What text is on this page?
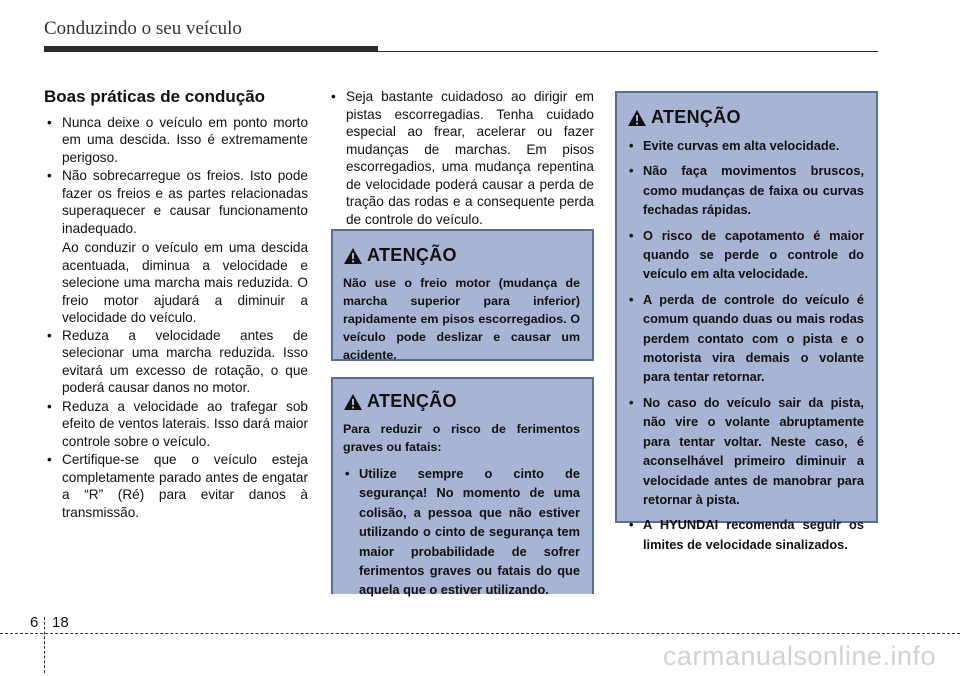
Conduzindo o seu veículo
Boas práticas de condução
• Nunca deixe o veículo em ponto morto em uma descida. Isso é extremamente perigoso.
• Não sobrecarregue os freios. Isto pode fazer os freios e as partes relacionadas superaquecer e causar funcionamento inadequado.
Ao conduzir o veículo em uma descida acentuada, diminua a velocidade e selecione uma marcha mais reduzida. O freio motor ajudará a diminuir a velocidade do veículo.
• Reduza a velocidade antes de selecionar uma marcha reduzida. Isso evitará um excesso de rotação, o que poderá causar danos no motor.
• Reduza a velocidade ao trafegar sob efeito de ventos laterais. Isso dará maior controle sobre o veículo.
• Certifique-se que o veículo esteja completamente parado antes de engatar a “R” (Ré) para evitar danos à transmissão.
• Seja bastante cuidadoso ao dirigir em pistas escorregadias. Tenha cuidado especial ao frear, acelerar ou fazer mudanças de marchas. Em pisos escorregadios, uma mudança repentina de velocidade poderá causar a perda de tração das rodas e a consequente perda de controle do veículo.
ATENÇÃO
Não use o freio motor (mudança de marcha superior para inferior) rapidamente em pisos escorregadios. O veículo pode deslizar e causar um acidente.
ATENÇÃO
Para reduzir o risco de ferimentos graves ou fatais:
• Utilize sempre o cinto de segurança! No momento de uma colisão, a pessoa que não estiver utilizando o cinto de segurança tem maior probabilidade de sofrer ferimentos graves ou fatais do que aquela que o estiver utilizando.
ATENÇÃO
• Evite curvas em alta velocidade.
• Não faça movimentos bruscos, como mudanças de faixa ou curvas fechadas rápidas.
• O risco de capotamento é maior quando se perde o controle do veículo em alta velocidade.
• A perda de controle do veículo é comum quando duas ou mais rodas perdem contato com o pista e o motorista vira demais o volante para tentar retornar.
• No caso do veículo sair da pista, não vire o volante abruptamente para tentar voltar. Neste caso, é aconselhável primeiro diminuir a velocidade antes de manobrar para retornar à pista.
• A HYUNDAI recomenda seguir os limites de velocidade sinalizados.
6 18
carmanualsonline.info
